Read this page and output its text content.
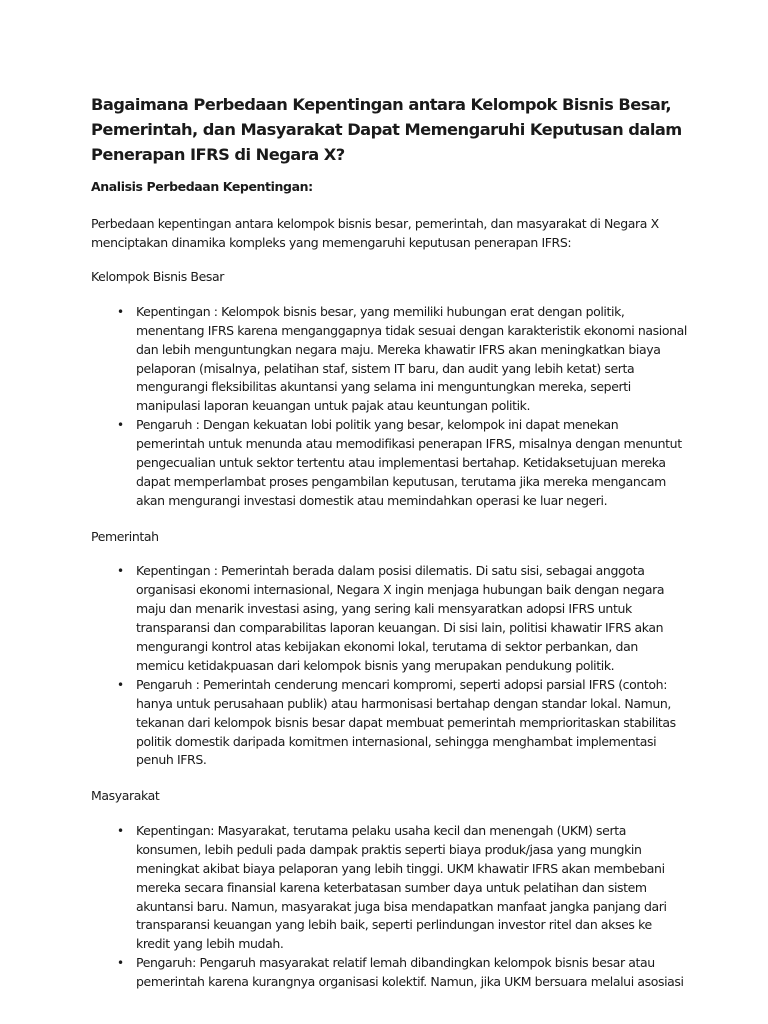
Bagaimana Perbedaan Kepentingan antara Kelompok Bisnis Besar, Pemerintah, dan Masyarakat Dapat Memengaruhi Keputusan dalam Penerapan IFRS di Negara X?
Analisis Perbedaan Kepentingan:

Perbedaan kepentingan antara kelompok bisnis besar, pemerintah, dan masyarakat di Negara X menciptakan dinamika kompleks yang memengaruhi keputusan penerapan IFRS:

Kelompok Bisnis Besar

• Kepentingan : Kelompok bisnis besar, yang memiliki hubungan erat dengan politik, menentang IFRS karena menganggapnya tidak sesuai dengan karakteristik ekonomi nasional dan lebih menguntungkan negara maju. Mereka khawatir IFRS akan meningkatkan biaya pelaporan (misalnya, pelatihan staf, sistem IT baru, dan audit yang lebih ketat) serta mengurangi fleksibilitas akuntansi yang selama ini menguntungkan mereka, seperti manipulasi laporan keuangan untuk pajak atau keuntungan politik.
• Pengaruh : Dengan kekuatan lobi politik yang besar, kelompok ini dapat menekan pemerintah untuk menunda atau memodifikasi penerapan IFRS, misalnya dengan menuntut pengecualian untuk sektor tertentu atau implementasi bertahap. Ketidaksetujuan mereka dapat memperlambat proses pengambilan keputusan, terutama jika mereka mengancam akan mengurangi investasi domestik atau memindahkan operasi ke luar negeri.

Pemerintah

• Kepentingan : Pemerintah berada dalam posisi dilematis. Di satu sisi, sebagai anggota organisasi ekonomi internasional, Negara X ingin menjaga hubungan baik dengan negara maju dan menarik investasi asing, yang sering kali mensyaratkan adopsi IFRS untuk transparansi dan comparabilitas laporan keuangan. Di sisi lain, politisi khawatir IFRS akan mengurangi kontrol atas kebijakan ekonomi lokal, terutama di sektor perbankan, dan memicu ketidakpuasan dari kelompok bisnis yang merupakan pendukung politik.
• Pengaruh : Pemerintah cenderung mencari kompromi, seperti adopsi parsial IFRS (contoh: hanya untuk perusahaan publik) atau harmonisasi bertahap dengan standar lokal. Namun, tekanan dari kelompok bisnis besar dapat membuat pemerintah memprioritaskan stabilitas politik domestik daripada komitmen internasional, sehingga menghambat implementasi penuh IFRS.

Masyarakat

• Kepentingan: Masyarakat, terutama pelaku usaha kecil dan menengah (UKM) serta konsumen, lebih peduli pada dampak praktis seperti biaya produk/jasa yang mungkin meningkat akibat biaya pelaporan yang lebih tinggi. UKM khawatir IFRS akan membebani mereka secara finansial karena keterbatasan sumber daya untuk pelatihan dan sistem akuntansi baru. Namun, masyarakat juga bisa mendapatkan manfaat jangka panjang dari transparansi keuangan yang lebih baik, seperti perlindungan investor ritel dan akses ke kredit yang lebih mudah.
• Pengaruh: Pengaruh masyarakat relatif lemah dibandingkan kelompok bisnis besar atau pemerintah karena kurangnya organisasi kolektif. Namun, jika UKM bersuara melalui asosiasi
